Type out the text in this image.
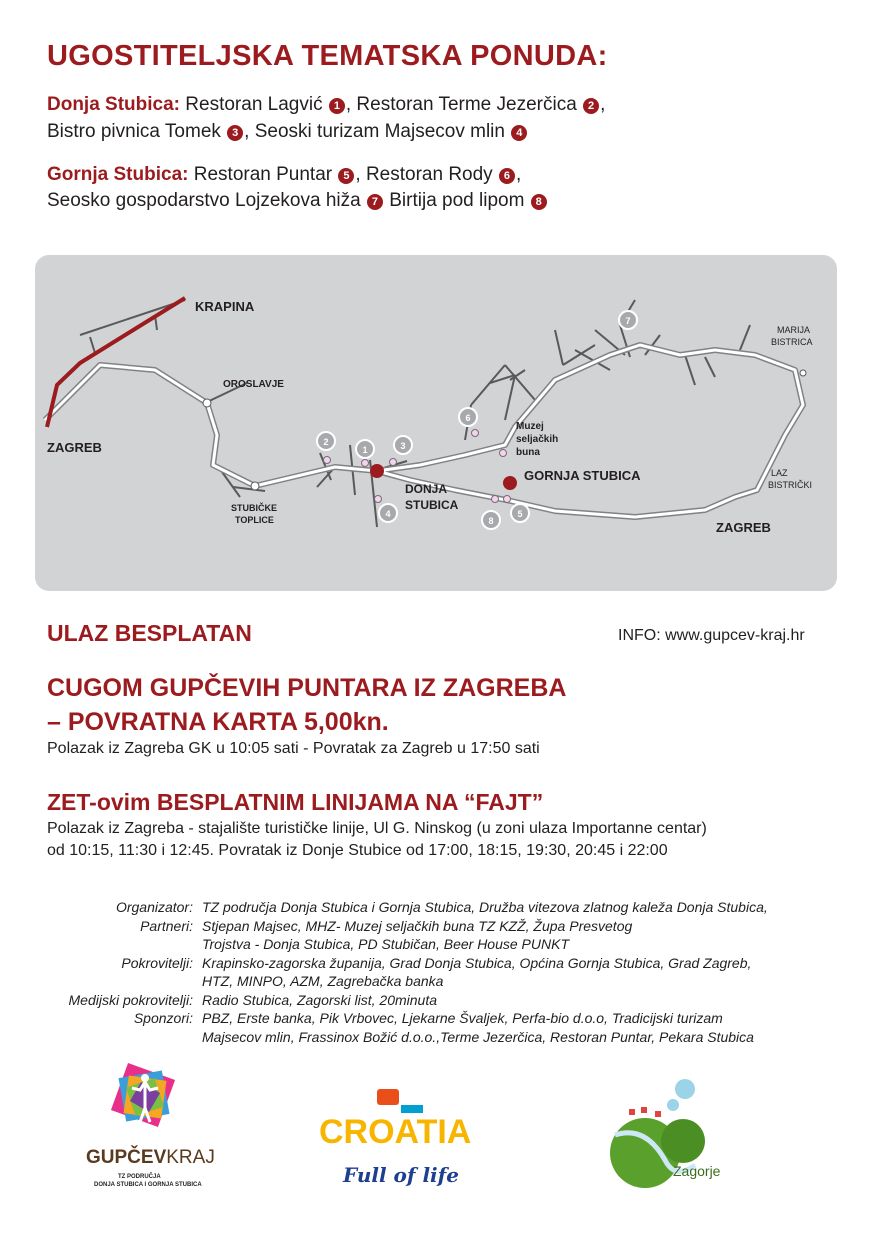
UGOSTITELJSKA TEMATSKA PONUDA:
Donja Stubica: Restoran Lagvić 1 , Restoran Terme Jezerčica 2 ,
Bistro pivnica Tomek 3 , Seoski turizam Majsecov mlin 4
Gornja Stubica: Restoran Puntar 5 , Restoran Rody 6 ,
Seosko gospodarstvo Lojzekova hiža 7 Birtija pod lipom 8
1
2	3
4	5
6
7
8
KRAPINA
ZAGREB
OROSLAVJE
STUBIČKE
TOPLICE
DONJA
STUBICA
Muzej
seljačkih
buna
GORNJA STUBICA
MARIJA
BISTRICA
LAZ
BISTRIČKI
ZAGREB
ULAZ BESPLATAN	INFO: www.gupcev-kraj.hr
CUGOM GUPČEVIH PUNTARA IZ ZAGREBA
– POVRATNA KARTA 5,00kn.
Polazak iz Zagreba GK u 10:05 sati - Povratak za Zagreb u 17:50 sati
ZET-ovim BESPLATNIM LINIJAMA NA “FAJT”
Polazak iz Zagreba - stajalište turističke linije, Ul G. Ninskog (u zoni ulaza Importanne centar)
od 10:15, 11:30 i 12:45. Povratak iz Donje Stubice od 17:00, 18:15, 19:30, 20:45 i 22:00
Organizator: TZ područja Donja Stubica i Gornja Stubica, Družba vitezova zlatnog kaleža Donja Stubica,
Partneri: Stjepan Majsec, MHZ- Muzej seljačkih buna TZ KZŽ, Župa Presvetog
Trojstva - Donja Stubica, PD Stubičan, Beer House PUNKT
Pokrovitelji: Krapinsko-zagorska županija, Grad Donja Stubica, Općina Gornja Stubica, Grad Zagreb,
HTZ, MINPO, AZM, Zagrebačka banka
Medijski pokrovitelji: Radio Stubica, Zagorski list, 20minuta
Sponzori: PBZ, Erste banka, Pik Vrbovec, Ljekarne Švaljek, Perfa-bio d.o.o, Tradicijski turizam
Majsecov mlin, Frassinox Božić d.o.o.,Terme Jezerčica, Restoran Puntar, Pekara Stubica
GUPČEVKRAJ
TZ PODRUČJA
DONJA STUBICA I GORNJA STUBICA
CROATIA
Full of life	Zagorje
